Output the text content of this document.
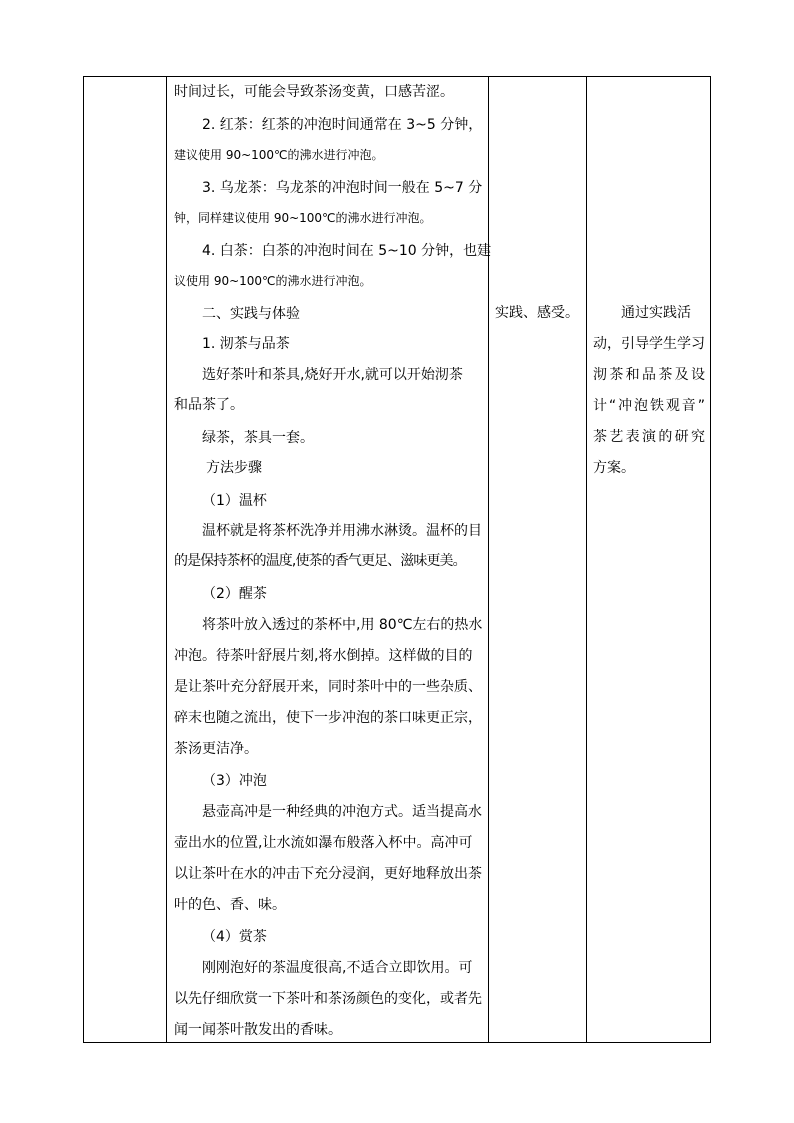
时间过长，可能会导致茶汤变黄，口感苦涩。
2. 红茶：红茶的冲泡时间通常在 3~5 分钟，
建议使用 90~100℃的沸水进行冲泡。
3. 乌龙茶：乌龙茶的冲泡时间一般在 5~7 分
钟，同样建议使用 90~100℃的沸水进行冲泡。
4. 白茶：白茶的冲泡时间在 5~10 分钟，也建
议使用 90~100℃的沸水进行冲泡。
二、实践与体验
1. 沏茶与品茶
选好茶叶和茶具,烧好开水,就可以开始沏茶
和品茶了。
绿茶，茶具一套。
方法步骤
（1）温杯
温杯就是将茶杯洗净并用沸水淋烫。温杯的目
的是保持茶杯的温度,使茶的香气更足、滋味更美。
（2）醒茶
将茶叶放入透过的茶杯中,用 80℃左右的热水
冲泡。待茶叶舒展片刻,将水倒掉。这样做的目的
是让茶叶充分舒展开来，同时茶叶中的一些杂质、
碎末也随之流出，使下一步冲泡的茶口味更正宗，
茶汤更洁净。
（3）冲泡
悬壶高冲是一种经典的冲泡方式。适当提高水
壶出水的位置,让水流如瀑布般落入杯中。高冲可
以让茶叶在水的冲击下充分浸润，更好地释放出茶
叶的色、香、味。
（4）赏茶
刚刚泡好的茶温度很高,不适合立即饮用。可
以先仔细欣赏一下茶叶和茶汤颜色的变化，或者先
闻一闻茶叶散发出的香味。
实践、感受。	通过实践活
动，引导学生学习
沏茶和品茶及设
计“冲泡铁观音”
茶艺表演的研究
方案。
